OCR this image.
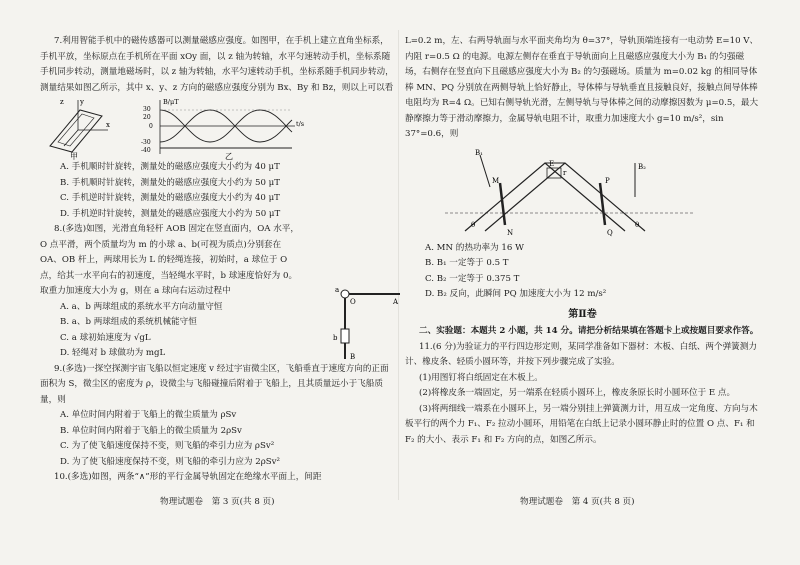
7.利用智能手机中的磁传感器可以测量磁感应强度。如图甲，在手机上建立直角坐标系，手机平放，坐标原点在手机所在平面 xOy 面，以 z 轴为转轴，水平匀速转动手机，坐标系随手机同步转动，测量地磁场时，以 z 轴为转轴，水平匀速转动手机，坐标系随手机同步转动，测量结果如图乙所示，其中 x、y、z 方向的磁感应强度分别为 Bx、By 和 Bz，则以上可以看

y
x
z
甲
B/μT
t/s
30
20
0
-30
-40
乙

A. 手机顺时针旋转，测量处的磁感应强度大小约为 40 μT

B. 手机顺时针旋转，测量处的磁感应强度大小约为 50 μT

C. 手机逆时针旋转，测量处的磁感应强度大小约为 40 μT

D. 手机逆时针旋转，测量处的磁感应强度大小约为 50 μT

8.(多选)如图，光滑直角轻杆 AOB 固定在竖直面内，OA 水平，O 点平滑，两个质量均为 m 的小球 a、b(可视为质点)分别套在 OA、OB 杆上，两球用长为 L 的轻绳连接，初始时，a 球位于 O 点，给其一水平向右的初速度，当轻绳水平时，b 球速度恰好为 0。取重力加速度大小为 g，则在 a 球向右运动过程中	a
O	A
b
B

A. a、b 两球组成的系统水平方向动量守恒

B. a、b 两球组成的系统机械能守恒

C. a 球初始速度为 √gL

D. 轻绳对 b 球做功为 mgL

9.(多选)一探空探测宇宙飞船以恒定速度 v 经过宇宙微尘区，飞船垂直于速度方向的正面面积为 S，微尘区的密度为 ρ，设微尘与飞船碰撞后附着于飞船上，且其质量远小于飞船质量，则

A. 单位时间内附着于飞船上的微尘质量为 ρSv

B. 单位时间内附着于飞船上的微尘质量为 2ρSv

C. 为了使飞船速度保持不变，则飞船的牵引力应为 ρSv²

D. 为了使飞船速度保持不变，则飞船的牵引力应为 2ρSv²

10.(多选)如图，两条“∧”形的平行金属导轨固定在绝缘水平面上，间距

物理试题卷　第 3 页(共 8 页)

L=0.2 m，左、右两导轨面与水平面夹角均为 θ=37°，导轨顶端连接有一电动势 E=10 V、内阻 r=0.5 Ω 的电源。电源左侧存在垂直于导轨面向上且磁感应强度大小为 B₁ 的匀强磁场，右侧存在竖直向下且磁感应强度大小为 B₂ 的匀强磁场。质量为 m=0.02 kg 的相同导体棒 MN、PQ 分别放在两侧导轨上恰好静止，导体棒与导轨垂直且接触良好，接触点间导体棒电阻均为 R=4 Ω。已知右侧导轨光滑，左侧导轨与导体棒之间的动摩擦因数为 μ=0.5，最大静摩擦力等于滑动摩擦力，金属导轨电阻不计，取重力加速度大小 g=10 m/s²，sin 37°=0.6，则

B₁
B₂
M
N
P
Q
E
r
θ	θ

A. MN 的热功率为 16 W

B. B₁ 一定等于 0.5 T

C. B₂ 一定等于 0.375 T

D. B₂ 反向，此瞬间 PQ 加速度大小为 12 m/s²

第Ⅱ卷

二、实验题：本题共 2 小题，共 14 分。请把分析结果填在答题卡上或按题目要求作答。

11.(6 分)为验证力的平行四边形定则，某同学准备如下器材：木板、白纸、两个弹簧测力计、橡皮条、轻质小圆环等，并按下列步骤完成了实验。

(1)用图钉将白纸固定在木板上。

(2)将橡皮条一端固定，另一端系在轻质小圆环上，橡皮条原长时小圆环位于 E 点。

(3)将两细线一端系在小圆环上，另一端分别挂上弹簧测力计，用互成一定角度、方向与木板平行的两个力 F₁、F₂ 拉动小圆环，用铅笔在白纸上记录小圆环静止时的位置 O 点、F₁ 和 F₂ 的大小、表示 F₁ 和 F₂ 方向的点，如图乙所示。

物理试题卷　第 4 页(共 8 页)
